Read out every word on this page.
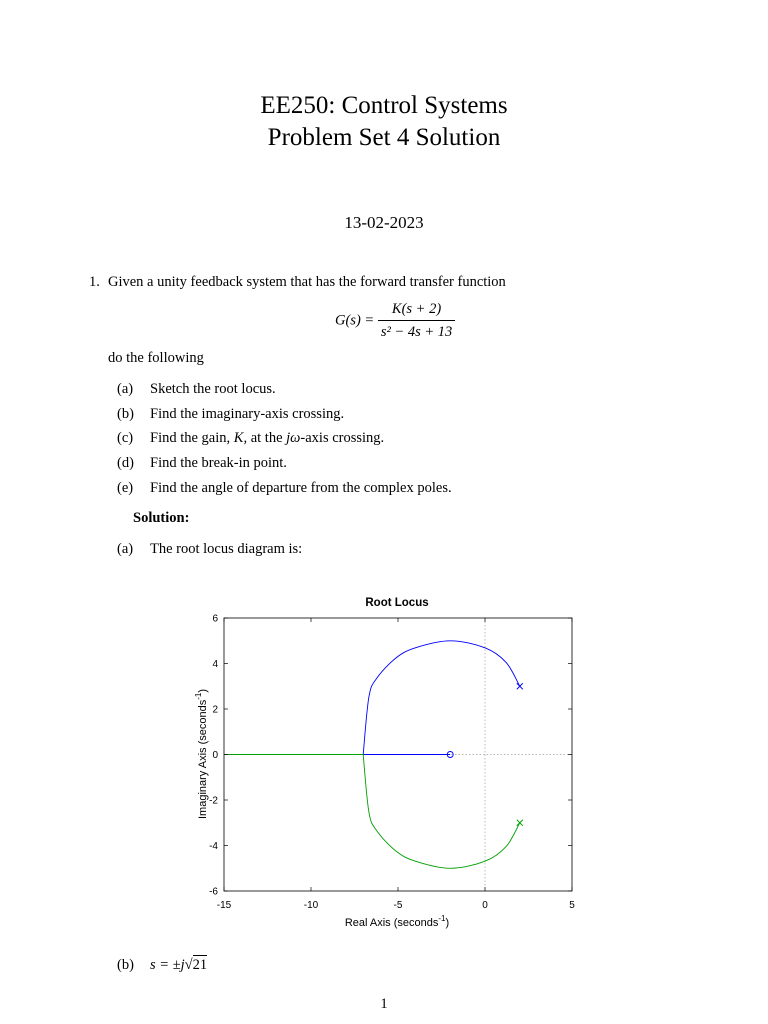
EE250: Control Systems
Problem Set 4 Solution
13-02-2023
1. Given a unity feedback system that has the forward transfer function
$G(s) = \frac{K(s + 2)}{\text{s² − 4s + 13}}$
do the following
(a) Sketch the root locus.
(b) Find the imaginary-axis crossing.
(c) Find the gain, K, at the jω-axis crossing.
(d) Find the break-in point.
(e) Find the angle of departure from the complex poles.
Solution:
(a) The root locus diagram is:
Root Locus
-15	-10	-5	0	5
-6
-4
-2
0
2
4
6
Real Axis (seconds$^{-1}$)
Imaginary Axis (seconds$^{-1}$)
(b) s = ±j√21
1
